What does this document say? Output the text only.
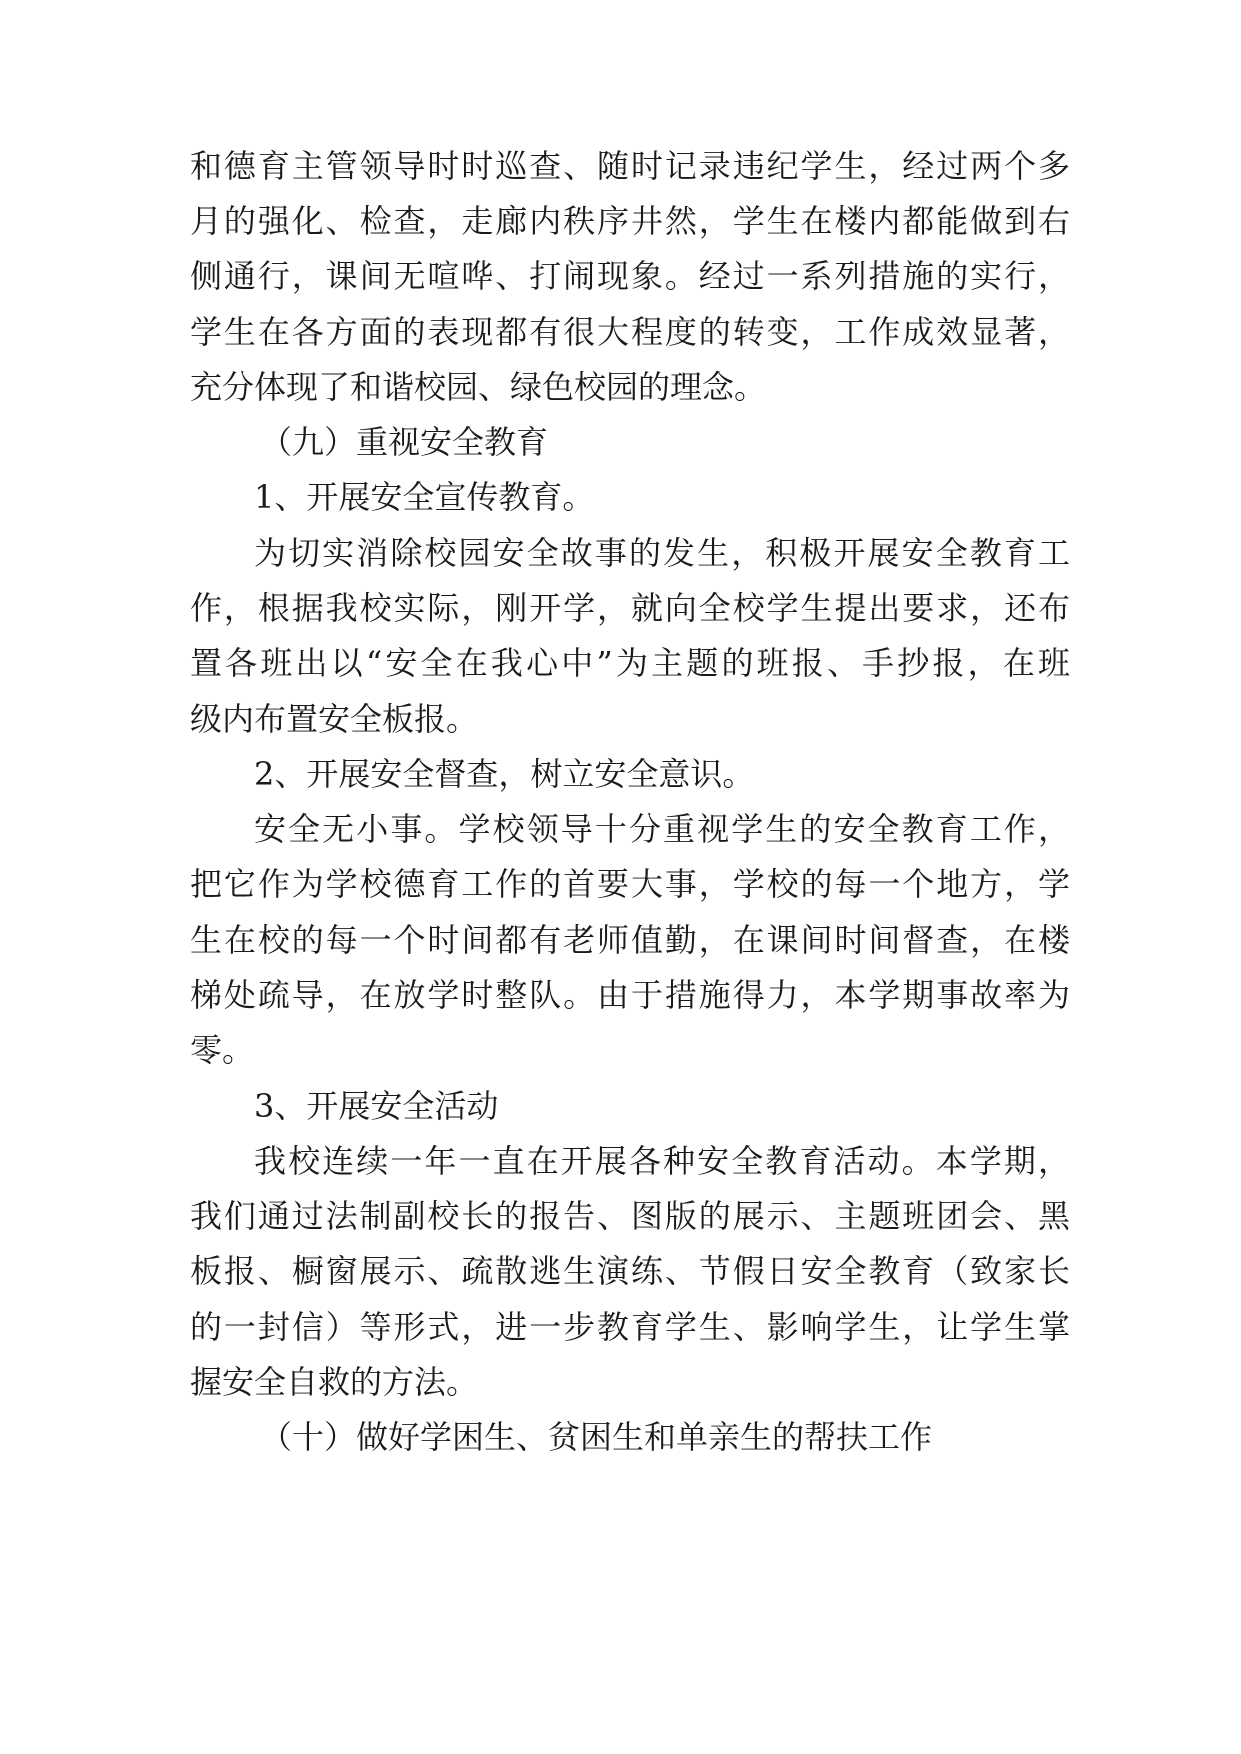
和德育主管领导时时巡查、随时记录违纪学生，经过两个多
月的强化、检查，走廊内秩序井然，学生在楼内都能做到右
侧通行，课间无喧哗、打闹现象。经过一系列措施的实行，
学生在各方面的表现都有很大程度的转变，工作成效显著，
充分体现了和谐校园、绿色校园的理念。
（九）重视安全教育
1、开展安全宣传教育。
为切实消除校园安全故事的发生，积极开展安全教育工
作，根据我校实际，刚开学，就向全校学生提出要求，还布
置各班出以“安全在我心中”为主题的班报、手抄报，在班
级内布置安全板报。
2、开展安全督查，树立安全意识。
安全无小事。学校领导十分重视学生的安全教育工作，
把它作为学校德育工作的首要大事，学校的每一个地方，学
生在校的每一个时间都有老师值勤，在课间时间督查，在楼
梯处疏导，在放学时整队。由于措施得力，本学期事故率为
零。
3、开展安全活动
我校连续一年一直在开展各种安全教育活动。本学期，
我们通过法制副校长的报告、图版的展示、主题班团会、黑
板报、橱窗展示、疏散逃生演练、节假日安全教育（致家长
的一封信）等形式，进一步教育学生、影响学生，让学生掌
握安全自救的方法。
（十）做好学困生、贫困生和单亲生的帮扶工作
